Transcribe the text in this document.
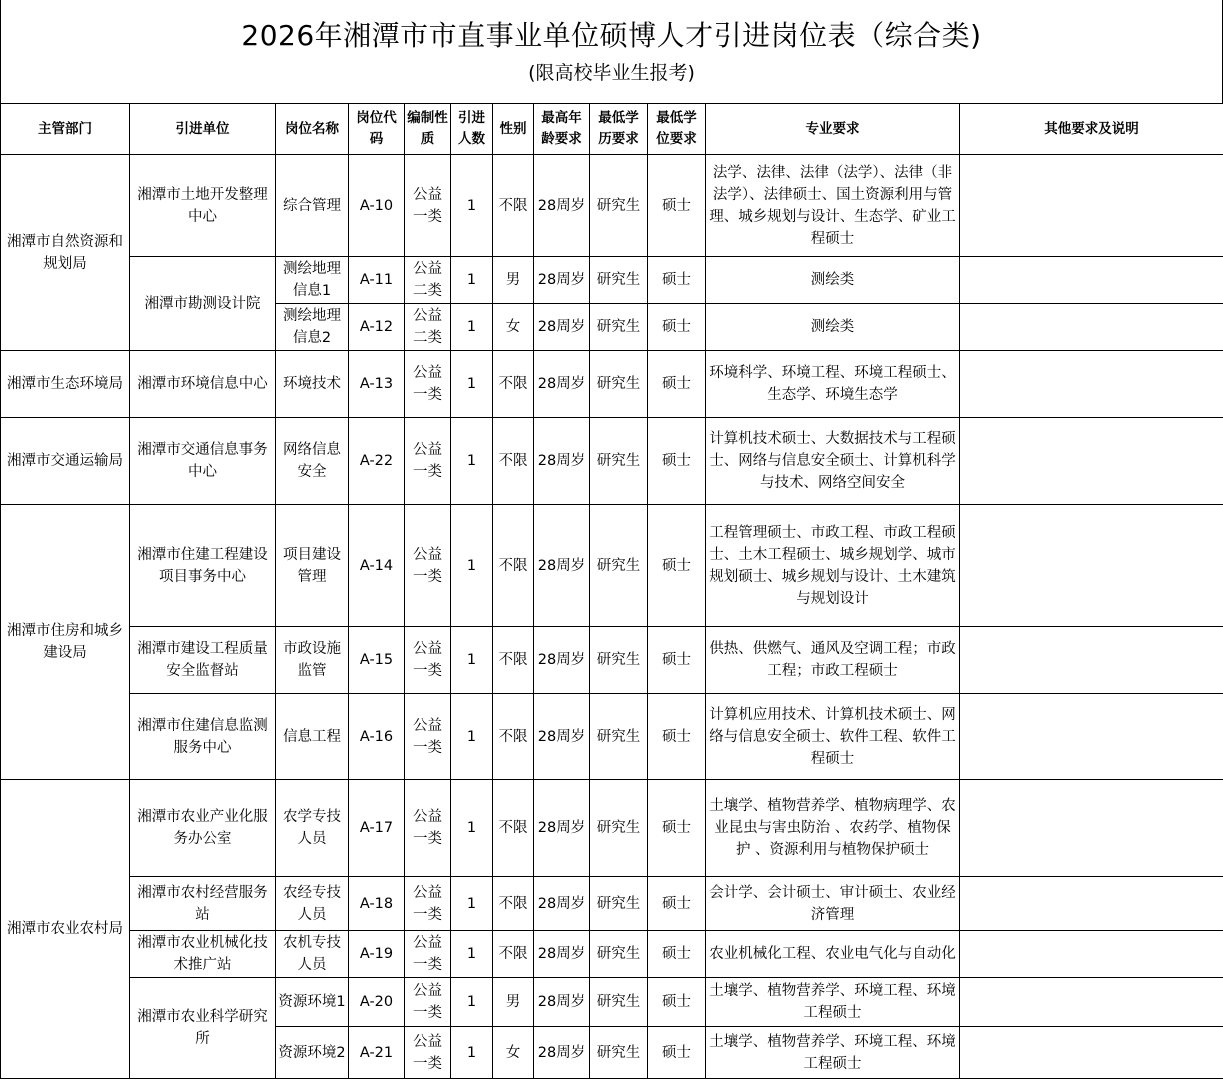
2026年湘潭市市直事业单位硕博人才引进岗位表（综合类)
(限高校毕业生报考)
主管部门	引进单位	岗位名称	岗位代码	编制性质	引进人数	性别	最高年龄要求	最低学历要求	最低学位要求	专业要求	其他要求及说明
湘潭市自然资源和规划局	湘潭市土地开发整理中心	综合管理	A-10	公益一类	1	不限	28周岁	研究生	硕士	法学、法律、法律（法学）、法律（非法学）、法律硕士、国土资源利用与管理、城乡规划与设计、生态学、矿业工程硕士	
	湘潭市勘测设计院	测绘地理信息1	A-11	公益二类	1	男	28周岁	研究生	硕士	测绘类	
		测绘地理信息2	A-12	公益二类	1	女	28周岁	研究生	硕士	测绘类	
湘潭市生态环境局	湘潭市环境信息中心	环境技术	A-13	公益一类	1	不限	28周岁	研究生	硕士	环境科学、环境工程、环境工程硕士、生态学、环境生态学	
湘潭市交通运输局	湘潭市交通信息事务中心	网络信息安全	A-22	公益一类	1	不限	28周岁	研究生	硕士	计算机技术硕士、大数据技术与工程硕士、网络与信息安全硕士、计算机科学与技术、网络空间安全	
湘潭市住房和城乡建设局	湘潭市住建工程建设项目事务中心	项目建设管理	A-14	公益一类	1	不限	28周岁	研究生	硕士	工程管理硕士、市政工程、市政工程硕士、土木工程硕士、城乡规划学、城市规划硕士、城乡规划与设计、土木建筑与规划设计	
	湘潭市建设工程质量安全监督站	市政设施监管	A-15	公益一类	1	不限	28周岁	研究生	硕士	供热、供燃气、通风及空调工程；市政工程；市政工程硕士	
	湘潭市住建信息监测服务中心	信息工程	A-16	公益一类	1	不限	28周岁	研究生	硕士	计算机应用技术、计算机技术硕士、网络与信息安全硕士、软件工程、软件工程硕士	
湘潭市农业农村局	湘潭市农业产业化服务办公室	农学专技人员	A-17	公益一类	1	不限	28周岁	研究生	硕士	土壤学、植物营养学、植物病理学、农业昆虫与害虫防治 、农药学、植物保护 、资源利用与植物保护硕士	
	湘潭市农村经营服务站	农经专技人员	A-18	公益一类	1	不限	28周岁	研究生	硕士	会计学、会计硕士、审计硕士、农业经济管理	
	湘潭市农业机械化技术推广站	农机专技人员	A-19	公益一类	1	不限	28周岁	研究生	硕士	农业机械化工程、农业电气化与自动化	
	湘潭市农业科学研究所	资源环境1	A-20	公益一类	1	男	28周岁	研究生	硕士	土壤学、植物营养学、环境工程、环境工程硕士	
		资源环境2	A-21	公益一类	1	女	28周岁	研究生	硕士	土壤学、植物营养学、环境工程、环境工程硕士	
